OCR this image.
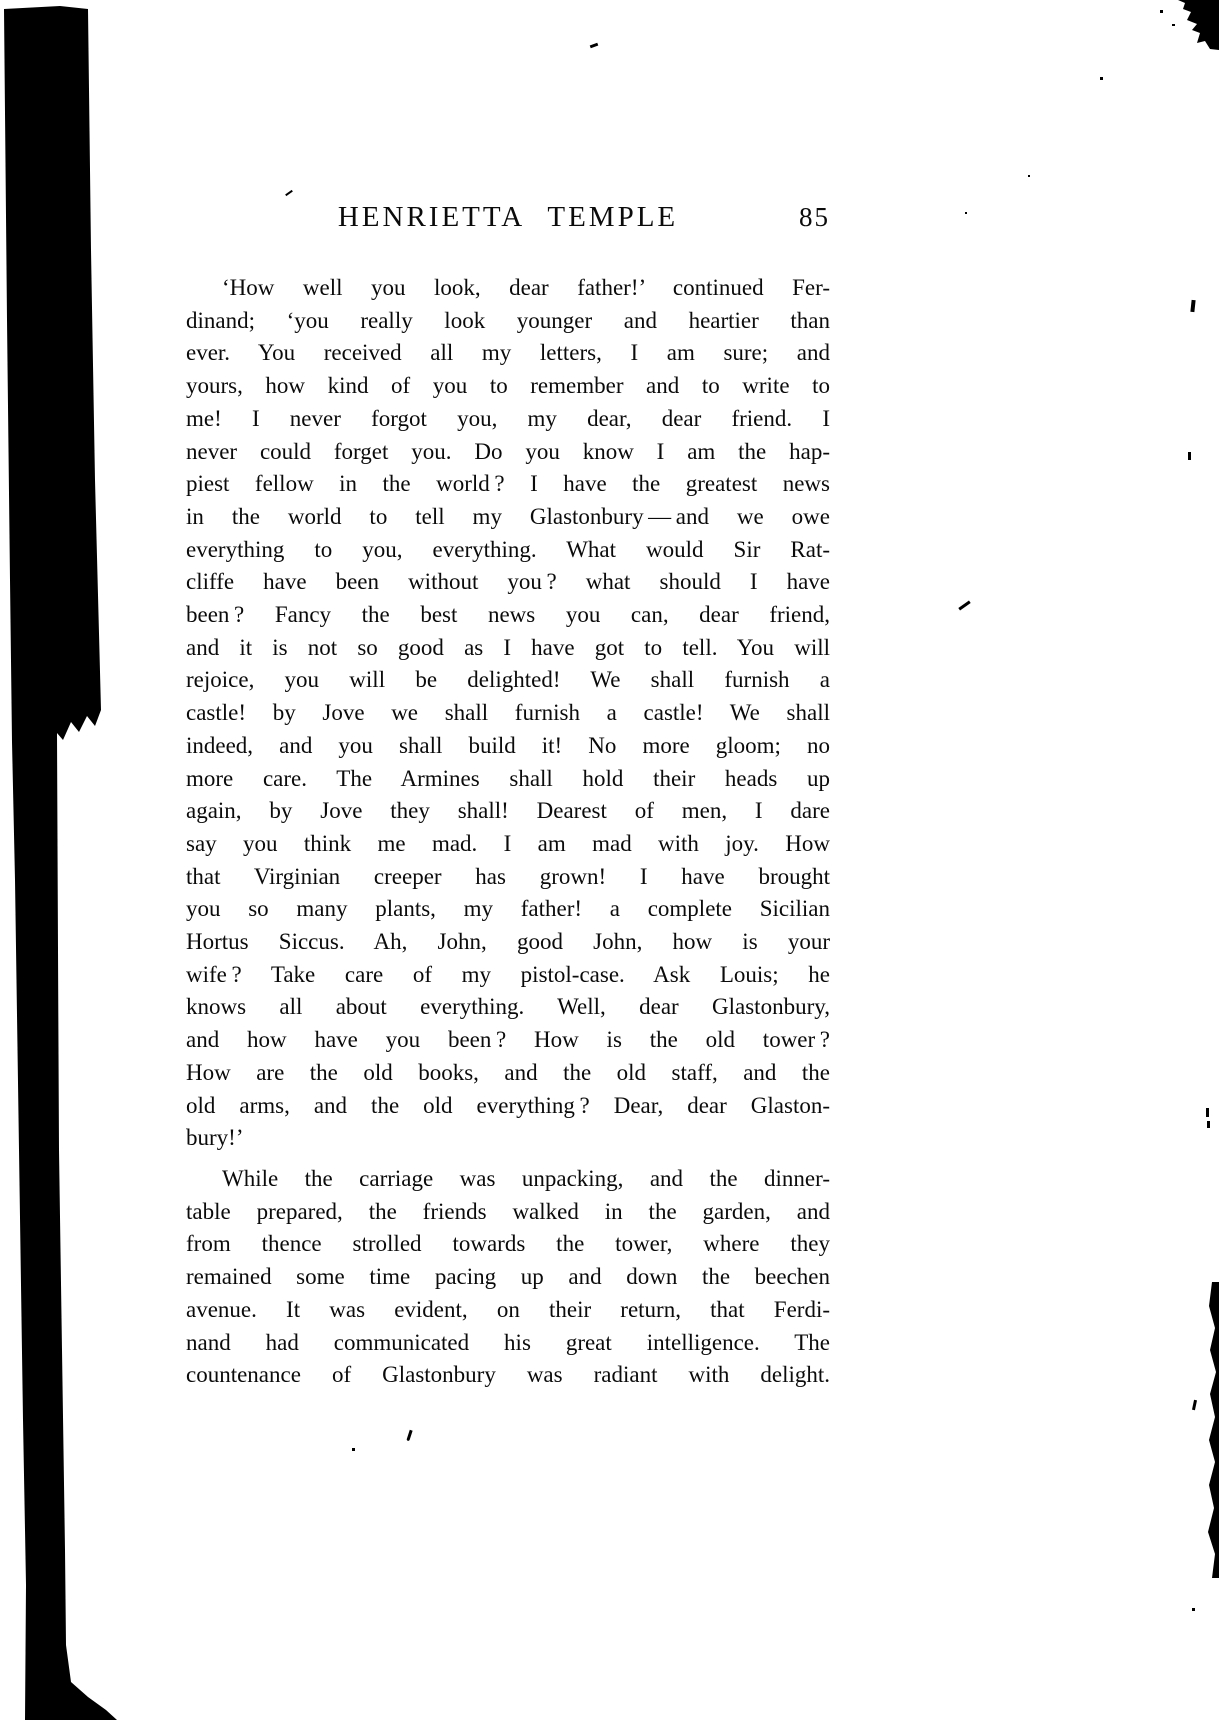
HENRIETTA TEMPLE	85
‘How well you look, dear father!’ continued Fer-
dinand; ‘you really look younger and heartier than
ever. You received all my letters, I am sure; and
yours, how kind of you to remember and to write to
me! I never forgot you, my dear, dear friend. I
never could forget you. Do you know I am the hap-
piest fellow in the world ? I have the greatest news
in the world to tell my Glastonbury — and we owe
everything to you, everything. What would Sir Rat-
cliffe have been without you ? what should I have
been ? Fancy the best news you can, dear friend,
and it is not so good as I have got to tell. You will
rejoice, you will be delighted! We shall furnish a
castle! by Jove we shall furnish a castle! We shall
indeed, and you shall build it! No more gloom; no
more care. The Armines shall hold their heads up
again, by Jove they shall! Dearest of men, I dare
say you think me mad. I am mad with joy. How
that Virginian creeper has grown! I have brought
you so many plants, my father! a complete Sicilian
Hortus Siccus. Ah, John, good John, how is your
wife ? Take care of my pistol-case. Ask Louis; he
knows all about everything. Well, dear Glastonbury,
and how have you been ? How is the old tower ?
How are the old books, and the old staff, and the
old arms, and the old everything ? Dear, dear Glaston-
bury!’
While the carriage was unpacking, and the dinner-
table prepared, the friends walked in the garden, and
from thence strolled towards the tower, where they
remained some time pacing up and down the beechen
avenue. It was evident, on their return, that Ferdi-
nand had communicated his great intelligence. The
countenance of Glastonbury was radiant with delight.
